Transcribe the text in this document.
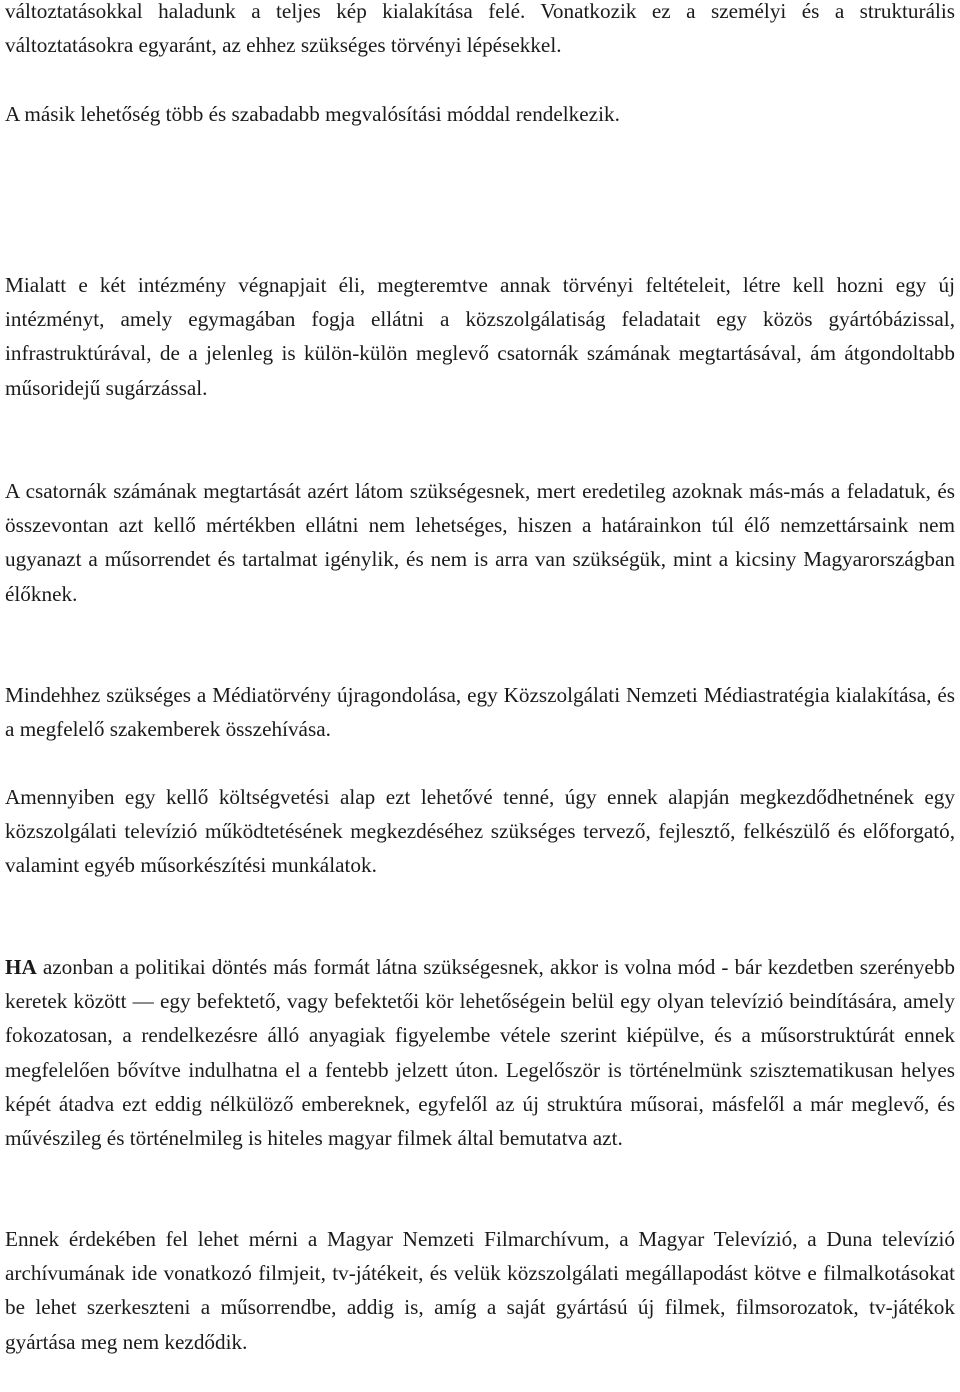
változtatásokkal haladunk a teljes kép kialakítása felé. Vonatkozik ez a személyi és a strukturális változtatásokra egyaránt, az ehhez szükséges törvényi lépésekkel.

A másik lehetőség több és szabadabb megvalósítási móddal rendelkezik.

Mialatt e két intézmény végnapjait éli, megteremtve annak törvényi feltételeit, létre kell hozni egy új intézményt, amely egymagában fogja ellátni a közszolgálatiság feladatait egy közös gyártóbázissal, infrastruktúrával, de a jelenleg is külön-külön meglevő csatornák számának megtartásával, ám átgondoltabb műsoridejű sugárzással.

A csatornák számának megtartását azért látom szükségesnek, mert eredetileg azoknak más-más a feladatuk, és összevontan azt kellő mértékben ellátni nem lehetséges, hiszen a határainkon túl élő nemzettársaink nem ugyanazt a műsorrendet és tartalmat igénylik, és nem is arra van szükségük, mint a kicsiny Magyarországban élőknek.

Mindehhez szükséges a Médiatörvény újragondolása, egy Közszolgálati Nemzeti Médiastratégia kialakítása, és a megfelelő szakemberek összehívása.

Amennyiben egy kellő költségvetési alap ezt lehetővé tenné, úgy ennek alapján megkezdődhetnének egy közszolgálati televízió működtetésének megkezdéséhez szükséges tervező, fejlesztő, felkészülő és előforgató, valamint egyéb műsorkészítési munkálatok.

HA azonban a politikai döntés más formát látna szükségesnek, akkor is volna mód - bár kezdetben szerényebb keretek között — egy befektető, vagy befektetői kör lehetőségein belül egy olyan televízió beindítására, amely fokozatosan, a rendelkezésre álló anyagiak figyelembe vétele szerint kiépülve, és a műsorstruktúrát ennek megfelelően bővítve indulhatna el a fentebb jelzett úton. Legelőször is történelmünk szisztematikusan helyes képét átadva ezt eddig nélkülöző embereknek, egyfelől az új struktúra műsorai, másfelől a már meglevő, és művészileg és történelmileg is hiteles magyar filmek által bemutatva azt.

Ennek érdekében fel lehet mérni a Magyar Nemzeti Filmarchívum, a Magyar Televízió, a Duna televízió archívumának ide vonatkozó filmjeit, tv-játékeit, és velük közszolgálati megállapodást kötve e filmalkotásokat be lehet szerkeszteni a műsorrendbe, addig is, amíg a saját gyártású új filmek, filmsorozatok, tv-játékok gyártása meg nem kezdődik.
